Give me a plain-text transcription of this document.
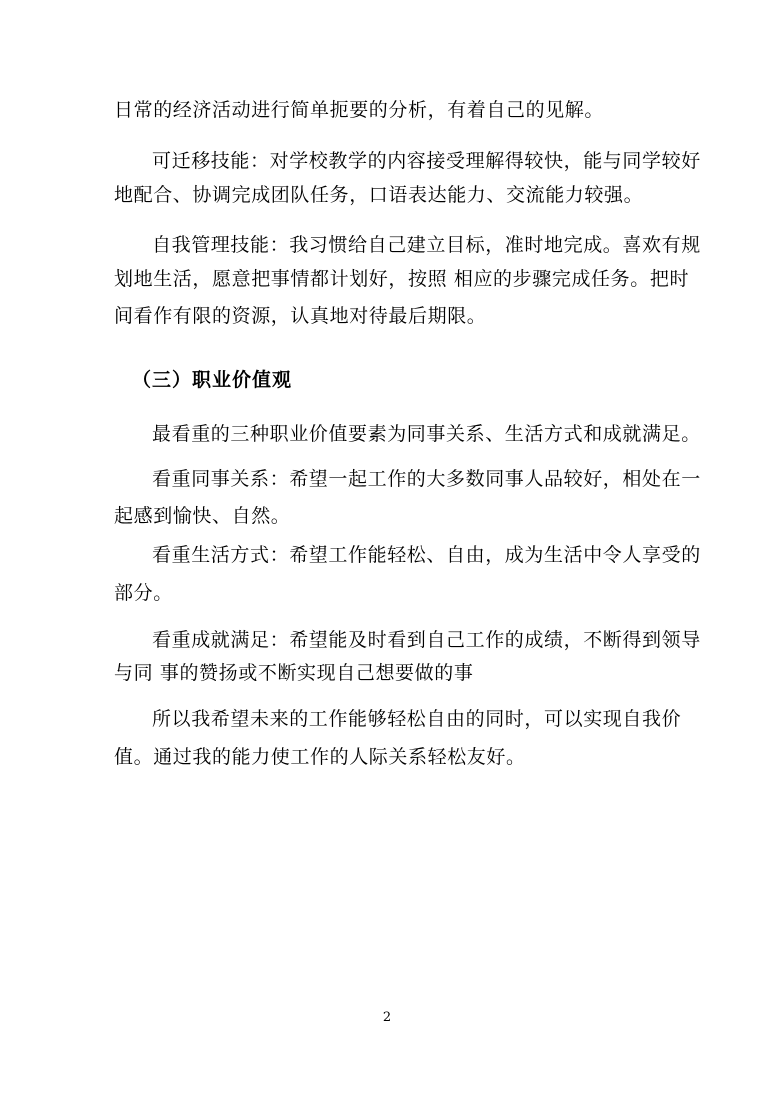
日常的经济活动进行简单扼要的分析，有着自己的见解。
可迁移技能：对学校教学的内容接受理解得较快，能与同学较好
地配合、协调完成团队任务，口语表达能力、交流能力较强。
自我管理技能：我习惯给自己建立目标，准时地完成。喜欢有规
划地生活，愿意把事情都计划好，按照 相应的步骤完成任务。把时
间看作有限的资源，认真地对待最后期限。
（三）职业价值观
最看重的三种职业价值要素为同事关系、生活方式和成就满足。
看重同事关系：希望一起工作的大多数同事人品较好，相处在一
起感到愉快、自然。
看重生活方式：希望工作能轻松、自由，成为生活中令人享受的
部分。
看重成就满足：希望能及时看到自己工作的成绩，不断得到领导
与同 事的赞扬或不断实现自己想要做的事
所以我希望未来的工作能够轻松自由的同时，可以实现自我价
值。通过我的能力使工作的人际关系轻松友好。
2
